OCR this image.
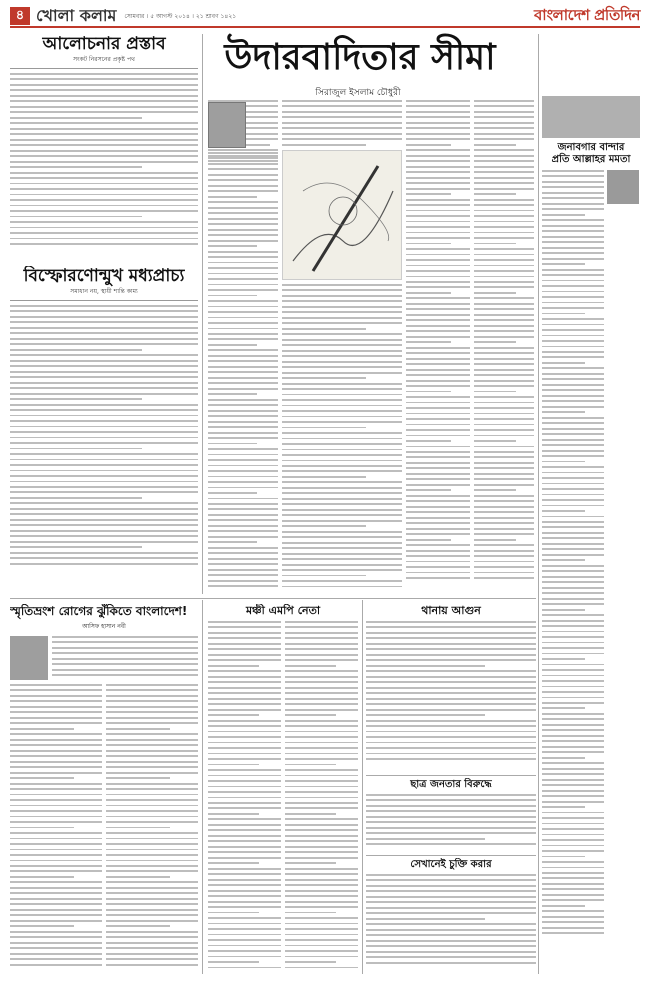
৪ খোলা কলাম সোমবার । ৫ আগস্ট ২০১৪ । ২১ শ্রাবণ ১৪২১	বাংলাদেশ প্রতিদিন
আলোচনার প্রস্তাব
সংকট নিরসনের প্রকৃষ্ট পথ
বিস্ফোরণোন্মুখ মধ্যপ্রাচ্য
সমাধান নয়, স্থায়ী শান্তি কাম্য
উদারবাদিতার সীমা
সিরাজুল ইসলাম চৌধুরী
জনাবগার বান্দার
প্রতি আল্লাহর মমতা
স্মৃতিভ্রংশ রোগের ঝুঁকিতে বাংলাদেশ!
আসিফ হাসান নবী
মঞ্চী এমপি নেতা	থানায় আগুন
ছাত্র জনতার বিরুদ্ধে
সেখানেই চুক্তি করার
